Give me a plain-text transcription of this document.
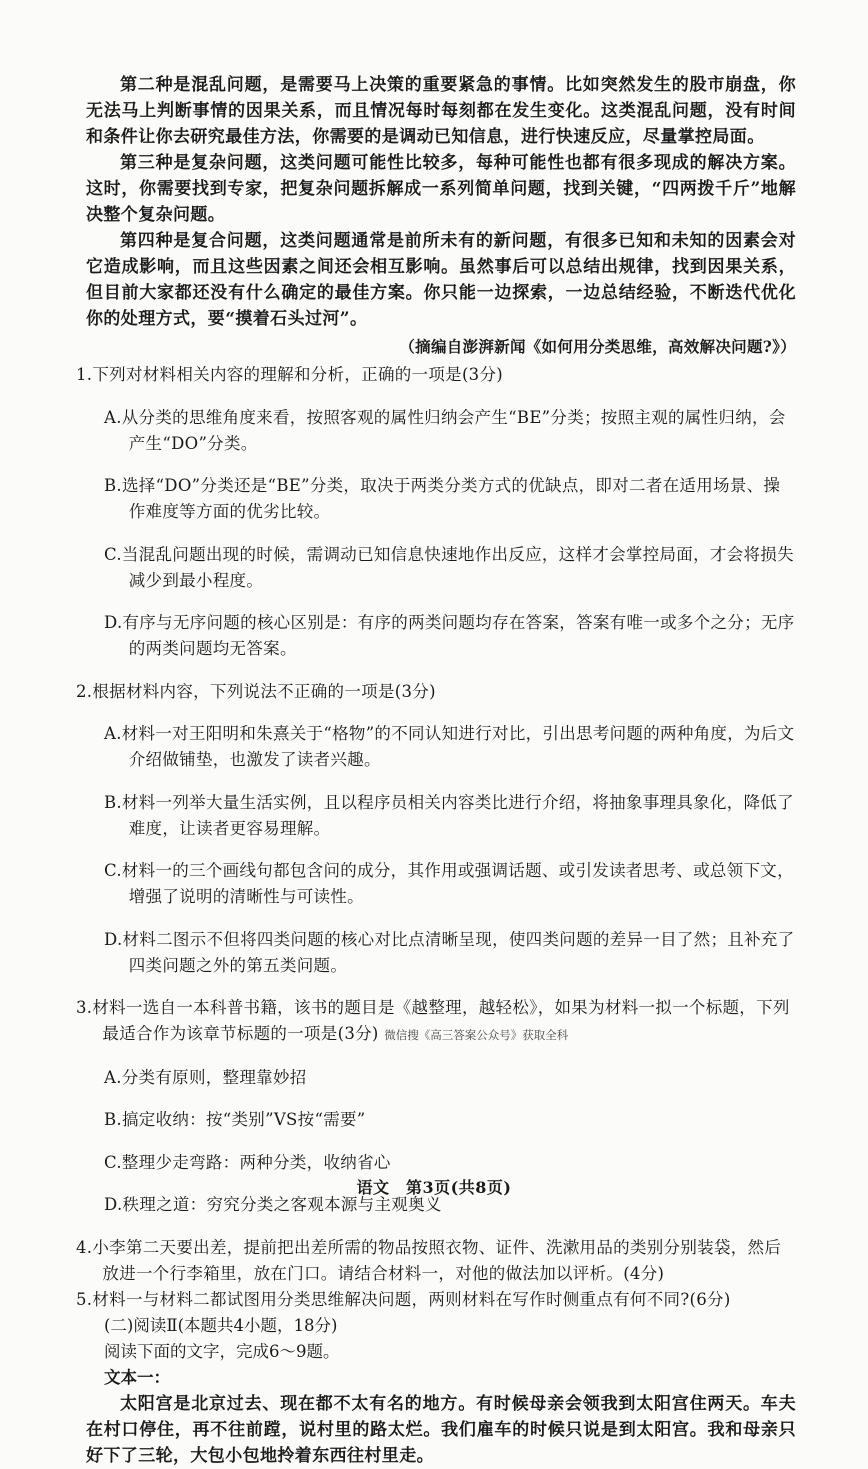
第二种是混乱问题，是需要马上决策的重要紧急的事情。比如突然发生的股市崩盘，你无法马上判断事情的因果关系，而且情况每时每刻都在发生变化。这类混乱问题，没有时间和条件让你去研究最佳方法，你需要的是调动已知信息，进行快速反应，尽量掌控局面。

第三种是复杂问题，这类问题可能性比较多，每种可能性也都有很多现成的解决方案。这时，你需要找到专家，把复杂问题拆解成一系列简单问题，找到关键，“四两拨千斤”地解决整个复杂问题。

第四种是复合问题，这类问题通常是前所未有的新问题，有很多已知和未知的因素会对它造成影响，而且这些因素之间还会相互影响。虽然事后可以总结出规律，找到因果关系，但目前大家都还没有什么确定的最佳方案。你只能一边探索，一边总结经验，不断迭代优化你的处理方式，要“摸着石头过河”。

（摘编自澎湃新闻《如何用分类思维，高效解决问题?》）

1.下列对材料相关内容的理解和分析，正确的一项是(3分)

A.从分类的思维角度来看，按照客观的属性归纳会产生“BE”分类；按照主观的属性归纳，会产生“DO”分类。

B.选择“DO”分类还是“BE”分类，取决于两类分类方式的优缺点，即对二者在适用场景、操作难度等方面的优劣比较。

C.当混乱问题出现的时候，需调动已知信息快速地作出反应，这样才会掌控局面，才会将损失减少到最小程度。

D.有序与无序问题的核心区别是：有序的两类问题均存在答案，答案有唯一或多个之分；无序的两类问题均无答案。

2.根据材料内容，下列说法不正确的一项是(3分)

A.材料一对王阳明和朱熹关于“格物”的不同认知进行对比，引出思考问题的两种角度，为后文介绍做铺垫，也激发了读者兴趣。

B.材料一列举大量生活实例，且以程序员相关内容类比进行介绍，将抽象事理具象化，降低了难度，让读者更容易理解。

C.材料一的三个画线句都包含问的成分，其作用或强调话题、或引发读者思考、或总领下文，增强了说明的清晰性与可读性。

D.材料二图示不但将四类问题的核心对比点清晰呈现，使四类问题的差异一目了然；且补充了四类问题之外的第五类问题。

3.材料一选自一本科普书籍，该书的题目是《越整理，越轻松》，如果为材料一拟一个标题，下列最适合作为该章节标题的一项是(3分) 微信搜《高三答案公众号》获取全科

A.分类有原则，整理靠妙招

B.搞定收纳：按“类别”VS按“需要”

C.整理少走弯路：两种分类，收纳省心

D.秩理之道：穷究分类之客观本源与主观奥义

4.小李第二天要出差，提前把出差所需的物品按照衣物、证件、洗漱用品的类别分别装袋，然后放进一个行李箱里，放在门口。请结合材料一，对他的做法加以评析。(4分)

5.材料一与材料二都试图用分类思维解决问题，两则材料在写作时侧重点有何不同?(6分)

(二)阅读Ⅱ(本题共4小题，18分)

阅读下面的文字，完成6～9题。

文本一：

太阳宫是北京过去、现在都不太有名的地方。有时候母亲会领我到太阳宫住两天。车夫在村口停住，再不往前蹚，说村里的路太烂。我们雇车的时候只说是到太阳宫。我和母亲只好下了三轮，大包小包地拎着东西往村里走。

语文　第3页(共8页)
